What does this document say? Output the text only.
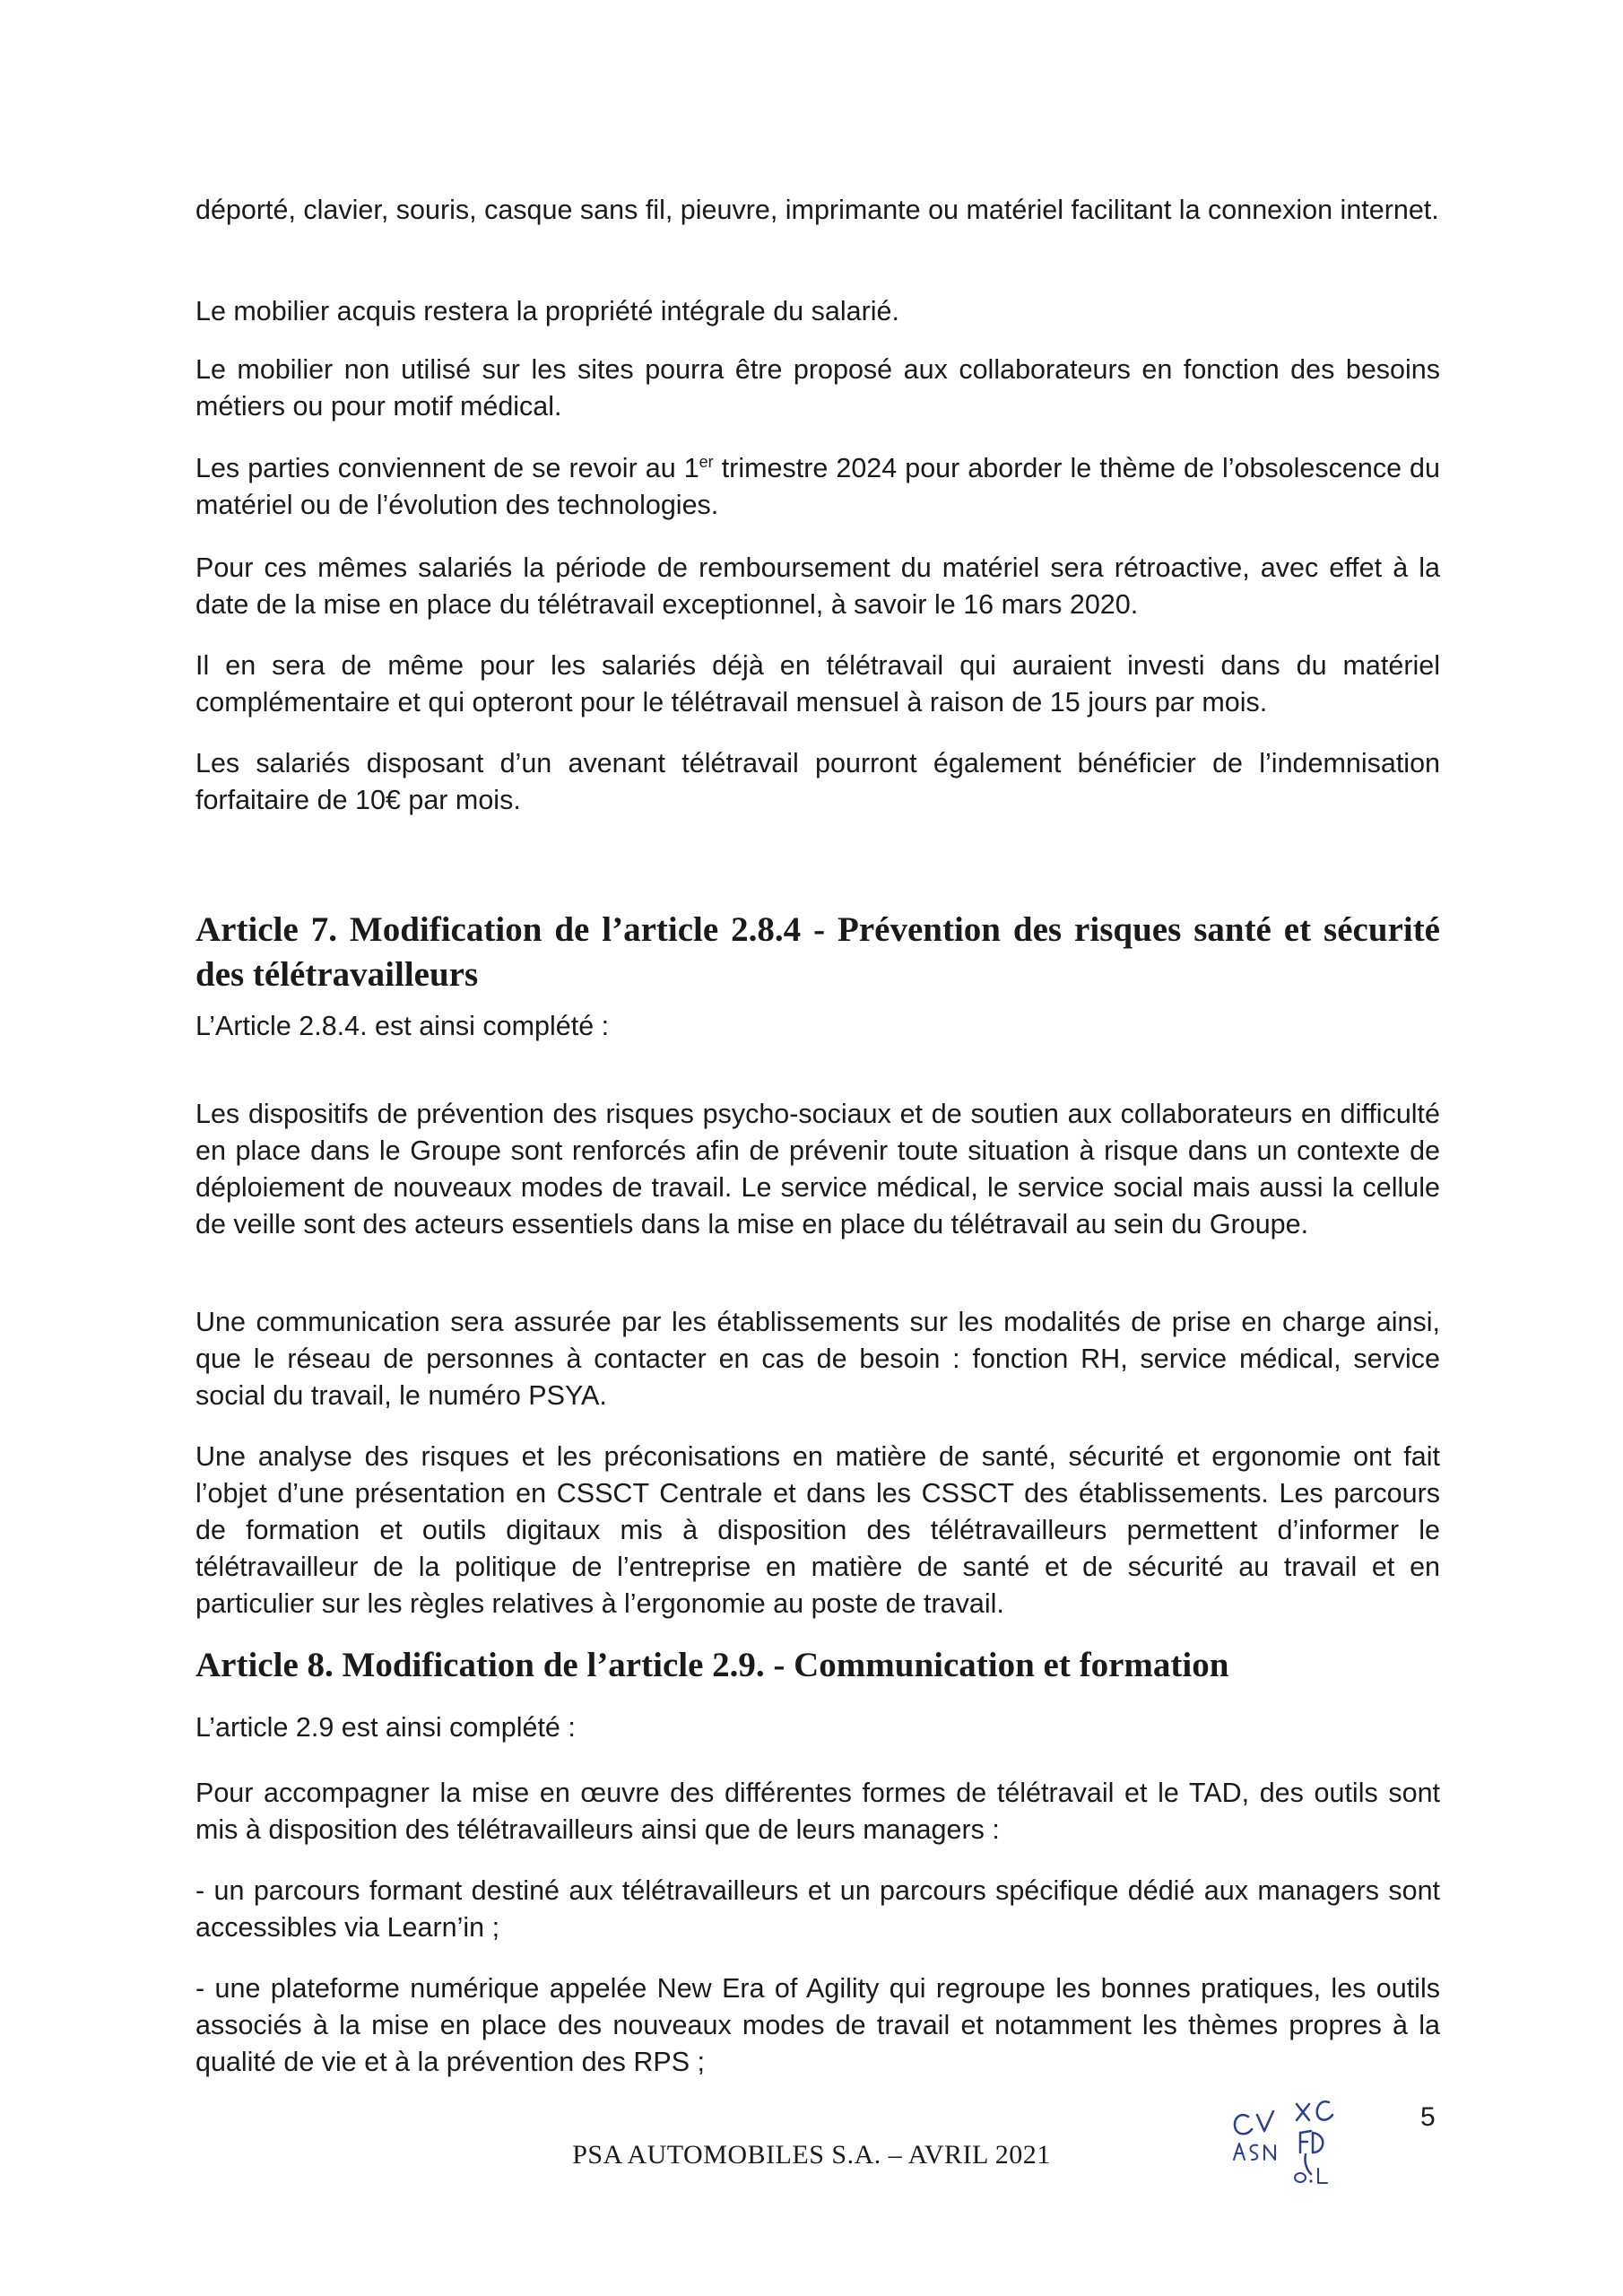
déporté, clavier, souris, casque sans fil, pieuvre, imprimante ou matériel facilitant la connexion internet.

Le mobilier acquis restera la propriété intégrale du salarié.

Le mobilier non utilisé sur les sites pourra être proposé aux collaborateurs en fonction des besoins métiers ou pour motif médical.

Les parties conviennent de se revoir au 1er trimestre 2024 pour aborder le thème de l’obsolescence du matériel ou de l’évolution des technologies.

Pour ces mêmes salariés la période de remboursement du matériel sera rétroactive, avec effet à la date de la mise en place du télétravail exceptionnel, à savoir le 16 mars 2020.

Il en sera de même pour les salariés déjà en télétravail qui auraient investi dans du matériel complémentaire et qui opteront pour le télétravail mensuel à raison de 15 jours par mois.

Les salariés disposant d’un avenant télétravail pourront également bénéficier de l’indemnisation forfaitaire de 10€ par mois.

Article 7. Modification de l’article 2.8.4 - Prévention des risques santé et sécurité des télétravailleurs

L’Article 2.8.4. est ainsi complété :

Les dispositifs de prévention des risques psycho-sociaux et de soutien aux collaborateurs en difficulté en place dans le Groupe sont renforcés afin de prévenir toute situation à risque dans un contexte de déploiement de nouveaux modes de travail. Le service médical, le service social mais aussi la cellule de veille sont des acteurs essentiels dans la mise en place du télétravail au sein du Groupe.

Une communication sera assurée par les établissements sur les modalités de prise en charge ainsi, que le réseau de personnes à contacter en cas de besoin : fonction RH, service médical, service social du travail, le numéro PSYA.

Une analyse des risques et les préconisations en matière de santé, sécurité et ergonomie ont fait l’objet d’une présentation en CSSCT Centrale et dans les CSSCT des établissements. Les parcours de formation et outils digitaux mis à disposition des télétravailleurs permettent d’informer le télétravailleur de la politique de l’entreprise en matière de santé et de sécurité au travail et en particulier sur les règles relatives à l’ergonomie au poste de travail.

Article 8. Modification de l’article 2.9. - Communication et formation

L’article 2.9 est ainsi complété :

Pour accompagner la mise en œuvre des différentes formes de télétravail et le TAD, des outils sont mis à disposition des télétravailleurs ainsi que de leurs managers :

- un parcours formant destiné aux télétravailleurs et un parcours spécifique dédié aux managers sont accessibles via Learn’in ;

- une plateforme numérique appelée New Era of Agility qui regroupe les bonnes pratiques, les outils associés à la mise en place des nouveaux modes de travail et notamment les thèmes propres à la qualité de vie et à la prévention des RPS ;

5
PSA AUTOMOBILES S.A. – AVRIL 2021
